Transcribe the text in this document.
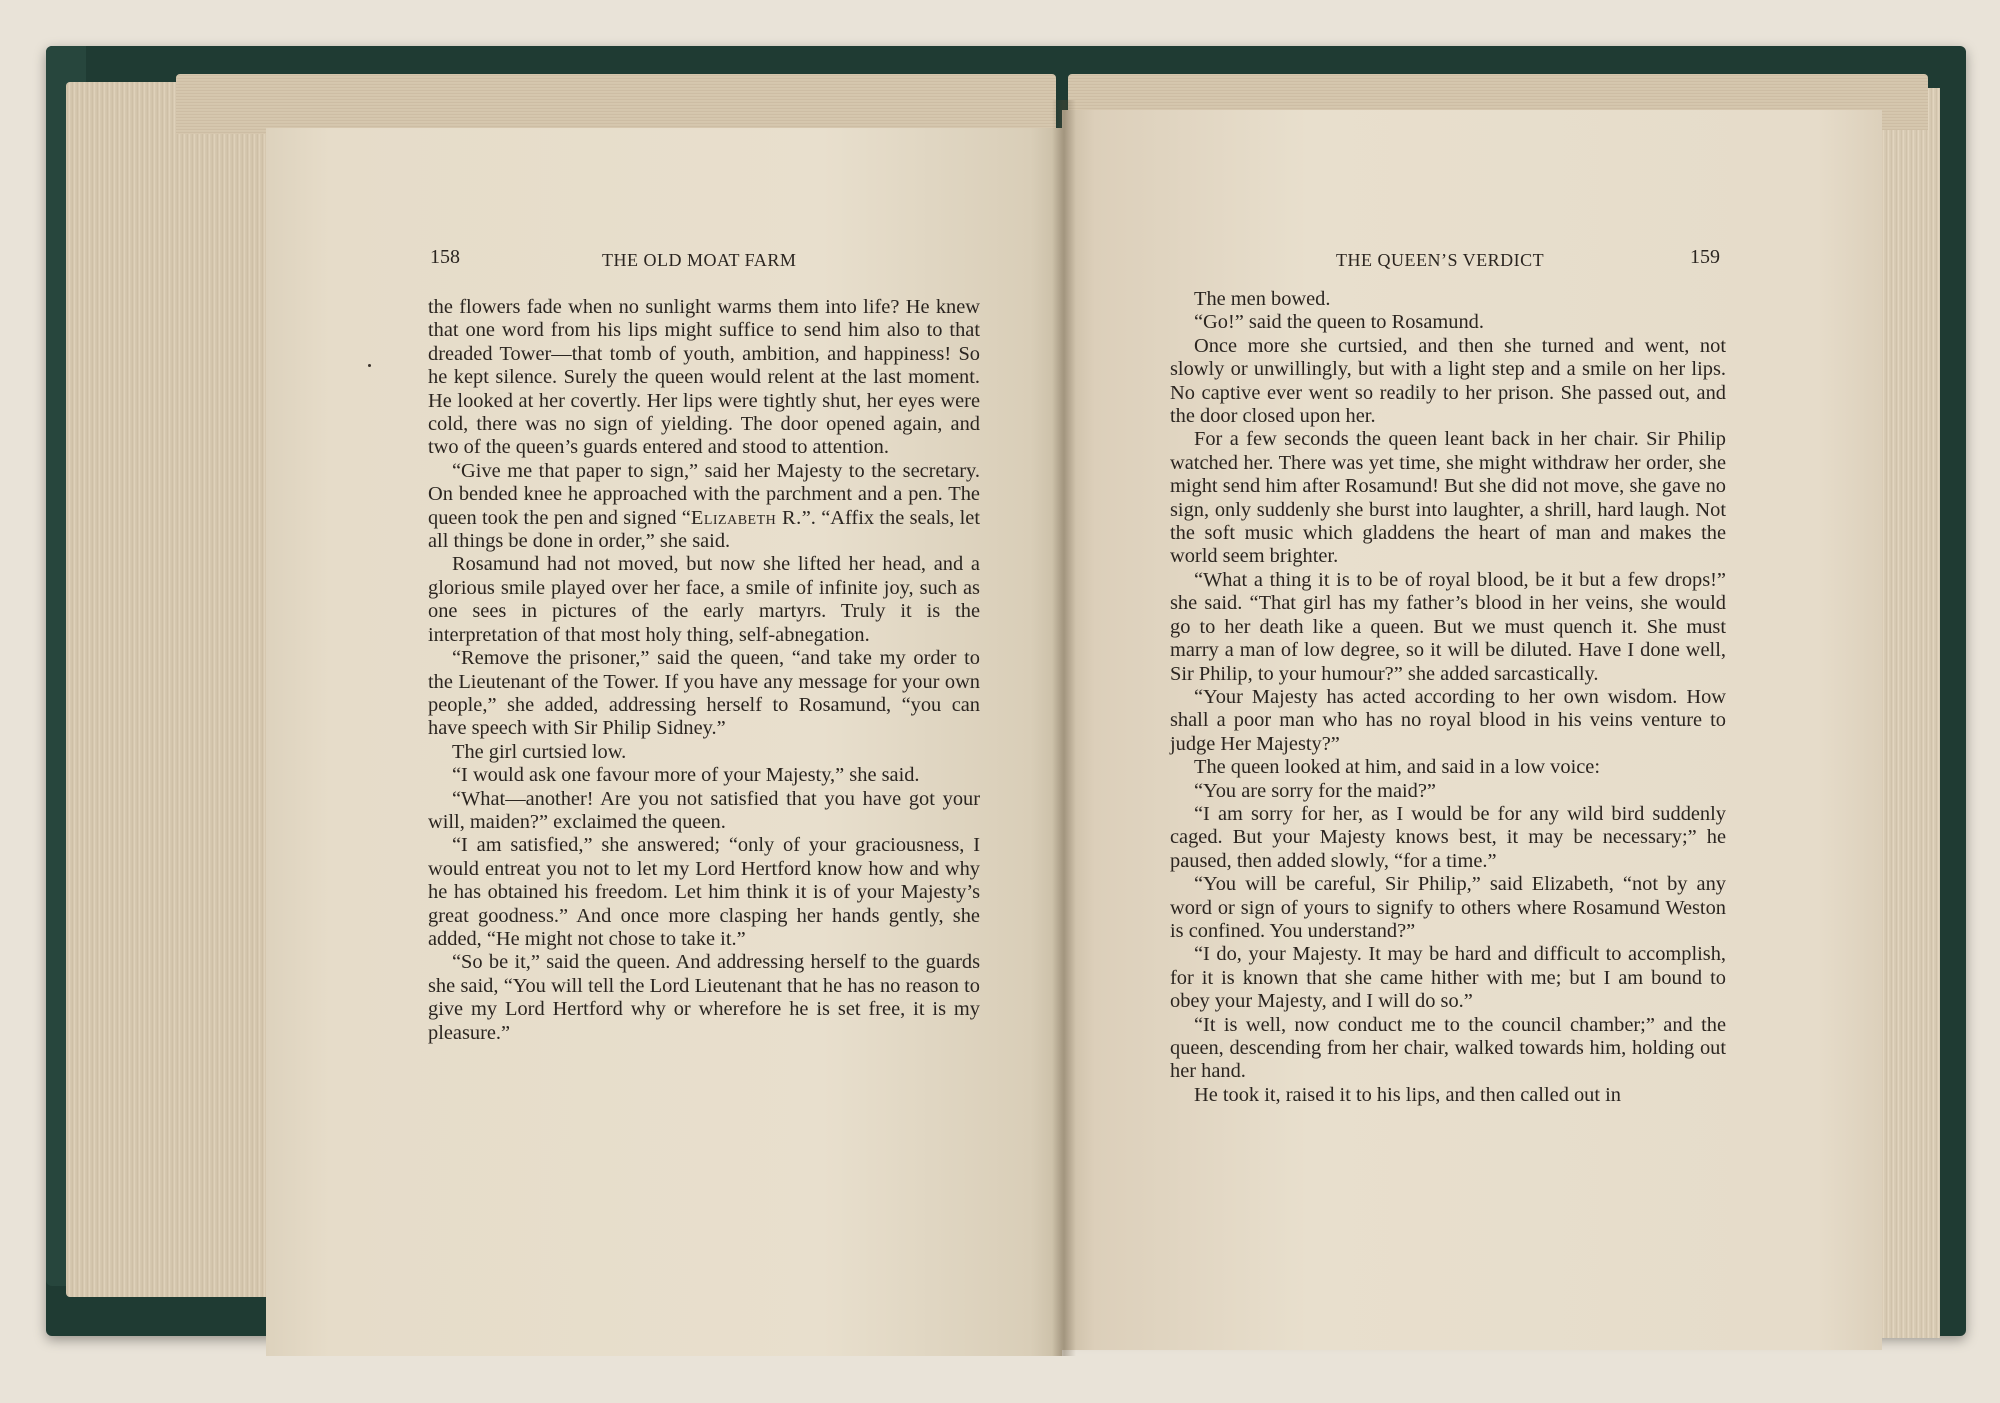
158	THE OLD MOAT FARM

the flowers fade when no sunlight warms them into life? He knew that one word from his lips might suffice to send him also to that dreaded Tower—that tomb of youth, ambition, and happiness! So he kept silence. Surely the queen would relent at the last moment. He looked at her covertly. Her lips were tightly shut, her eyes were cold, there was no sign of yielding. The door opened again, and two of the queen’s guards entered and stood to attention.

“Give me that paper to sign,” said her Majesty to the secretary. On bended knee he approached with the parchment and a pen. The queen took the pen and signed “Elizabeth R.”. “Affix the seals, let all things be done in order,” she said.

Rosamund had not moved, but now she lifted her head, and a glorious smile played over her face, a smile of infinite joy, such as one sees in pictures of the early martyrs. Truly it is the interpretation of that most holy thing, self-abnegation.

“Remove the prisoner,” said the queen, “and take my order to the Lieutenant of the Tower. If you have any message for your own people,” she added, addressing herself to Rosamund, “you can have speech with Sir Philip Sidney.”

The girl curtsied low.

“I would ask one favour more of your Majesty,” she said.

“What—another! Are you not satisfied that you have got your will, maiden?” exclaimed the queen.

“I am satisfied,” she answered; “only of your graciousness, I would entreat you not to let my Lord Hertford know how and why he has obtained his freedom. Let him think it is of your Majesty’s great goodness.” And once more clasping her hands gently, she added, “He might not chose to take it.”

“So be it,” said the queen. And addressing herself to the guards she said, “You will tell the Lord Lieutenant that he has no reason to give my Lord Hertford why or wherefore he is set free, it is my pleasure.”

THE QUEEN’S VERDICT	159

The men bowed.

“Go!” said the queen to Rosamund.

Once more she curtsied, and then she turned and went, not slowly or unwillingly, but with a light step and a smile on her lips. No captive ever went so readily to her prison. She passed out, and the door closed upon her.

For a few seconds the queen leant back in her chair. Sir Philip watched her. There was yet time, she might withdraw her order, she might send him after Rosamund! But she did not move, she gave no sign, only suddenly she burst into laughter, a shrill, hard laugh. Not the soft music which gladdens the heart of man and makes the world seem brighter.

“What a thing it is to be of royal blood, be it but a few drops!” she said. “That girl has my father’s blood in her veins, she would go to her death like a queen. But we must quench it. She must marry a man of low degree, so it will be diluted. Have I done well, Sir Philip, to your humour?” she added sarcastically.

“Your Majesty has acted according to her own wisdom. How shall a poor man who has no royal blood in his veins venture to judge Her Majesty?”

The queen looked at him, and said in a low voice:

“You are sorry for the maid?”

“I am sorry for her, as I would be for any wild bird suddenly caged. But your Majesty knows best, it may be necessary;” he paused, then added slowly, “for a time.”

“You will be careful, Sir Philip,” said Elizabeth, “not by any word or sign of yours to signify to others where Rosamund Weston is confined. You understand?”

“I do, your Majesty. It may be hard and difficult to accomplish, for it is known that she came hither with me; but I am bound to obey your Majesty, and I will do so.”

“It is well, now conduct me to the council chamber;” and the queen, descending from her chair, walked towards him, holding out her hand.

He took it, raised it to his lips, and then called out in
